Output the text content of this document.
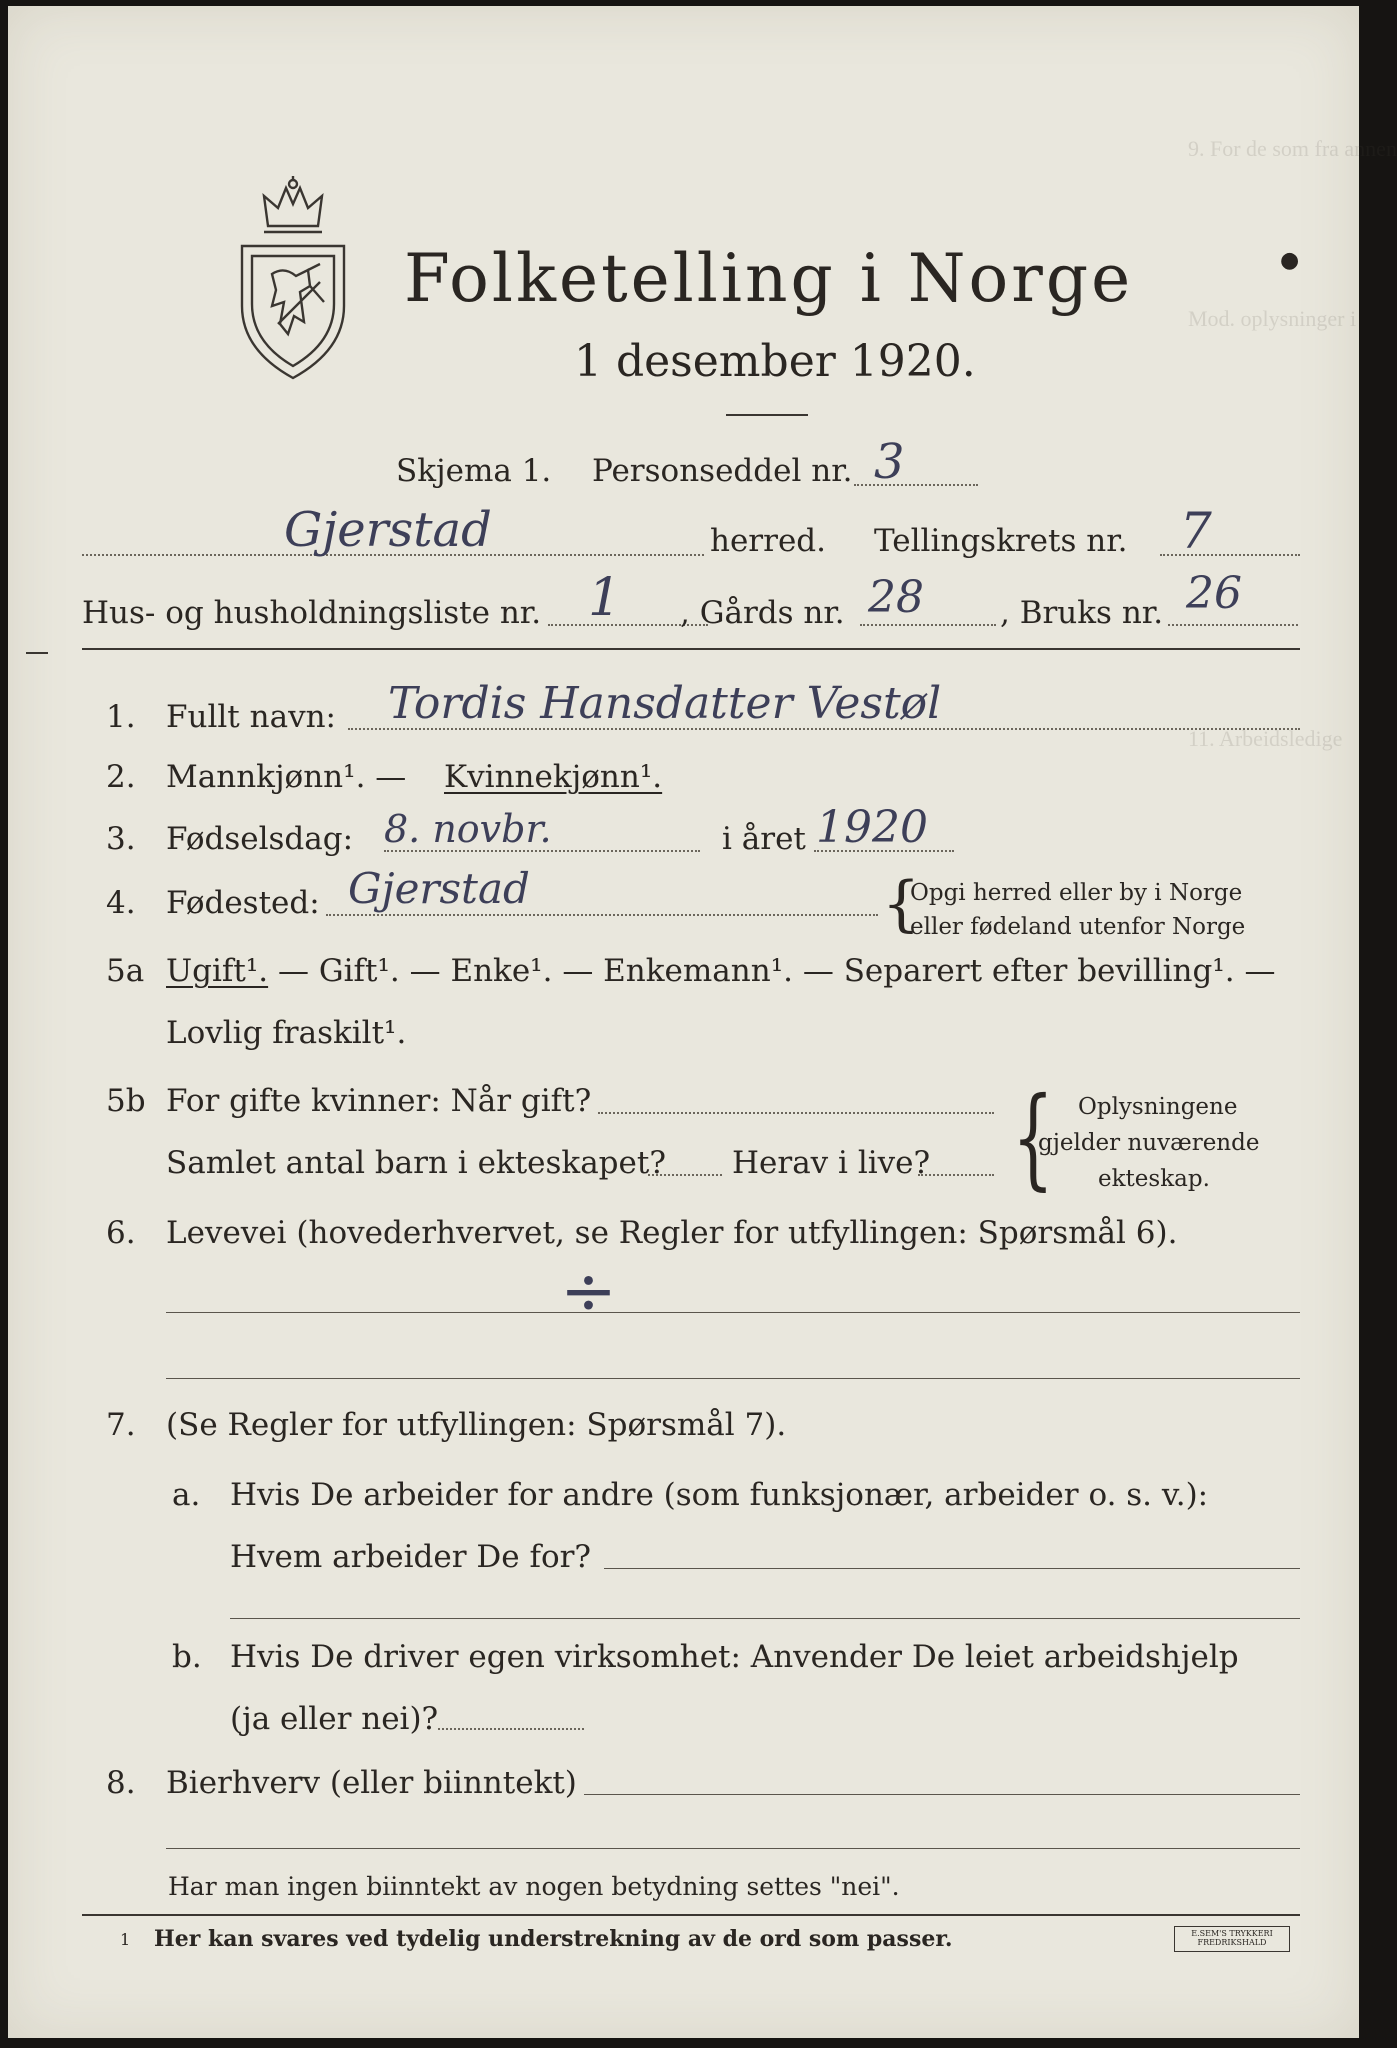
9. For de som fra annen
Mod. oplysninger i
11. Arbeidsledige
Folketelling i Norge
1 desember 1920.
●
Skjema 1. Personseddel nr. 3
Gjerstad	herred. Tellingskrets nr. 7
Hus- og husholdningsliste nr. 1 , Gårds nr. 28 , Bruks nr. 26
1. Fullt navn: Tordis Hansdatter Vestøl
2. Mannkjønn¹. — Kvinnekjønn¹.
3. Fødselsdag: 8. novbr.	i året 1920
4. Fødested: Gjerstad	{
Opgi herred eller by i Norge
eller fødeland utenfor Norge
5a Ugift¹. — Gift¹. — Enke¹. — Enkemann¹. — Separert efter bevilling¹. —
Lovlig fraskilt¹.
5b For gifte kvinner: Når gift?
Samlet antal barn i ekteskapet? Herav i live? { Oplysningene
gjelder nuværende
ekteskap.
6. Levevei (hovederhvervet, se Regler for utfyllingen: Spørsmål 6).
÷
7. (Se Regler for utfyllingen: Spørsmål 7).
a. Hvis De arbeider for andre (som funksjonær, arbeider o. s. v.):
Hvem arbeider De for?
b. Hvis De driver egen virksomhet: Anvender De leiet arbeidshjelp
(ja eller nei)?
8. Bierhverv (eller biinntekt)
Har man ingen biinntekt av nogen betydning settes "nei".
1 Her kan svares ved tydelig understrekning av de ord som passer.	E.SEM'S TRYKKERI FREDRIKSHALD
